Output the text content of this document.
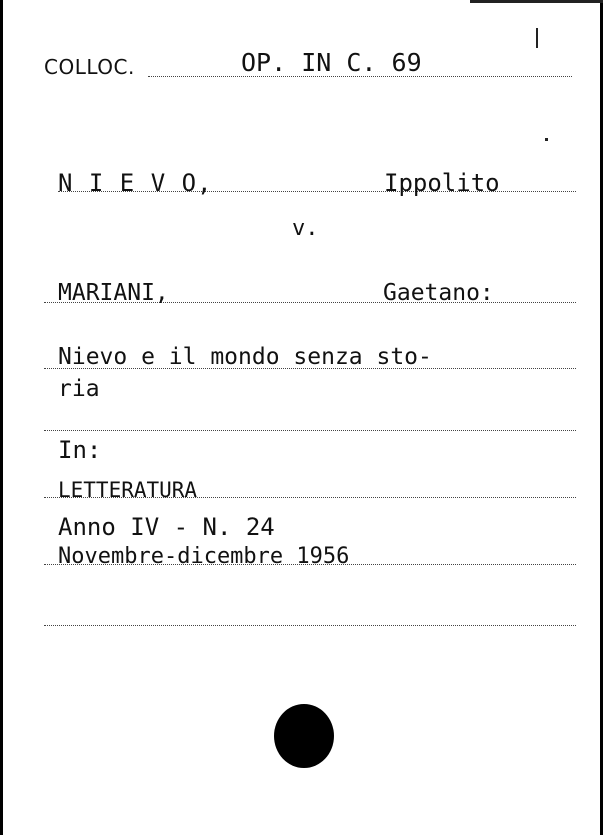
COLLOC.	OP. IN C. 69
N I E V O,	Ippolito
v.
MARIANI,	Gaetano:
Nievo e il mondo senza sto-
ria
In:
LETTERATURA
Anno IV - N. 24
Novembre-dicembre 1956
